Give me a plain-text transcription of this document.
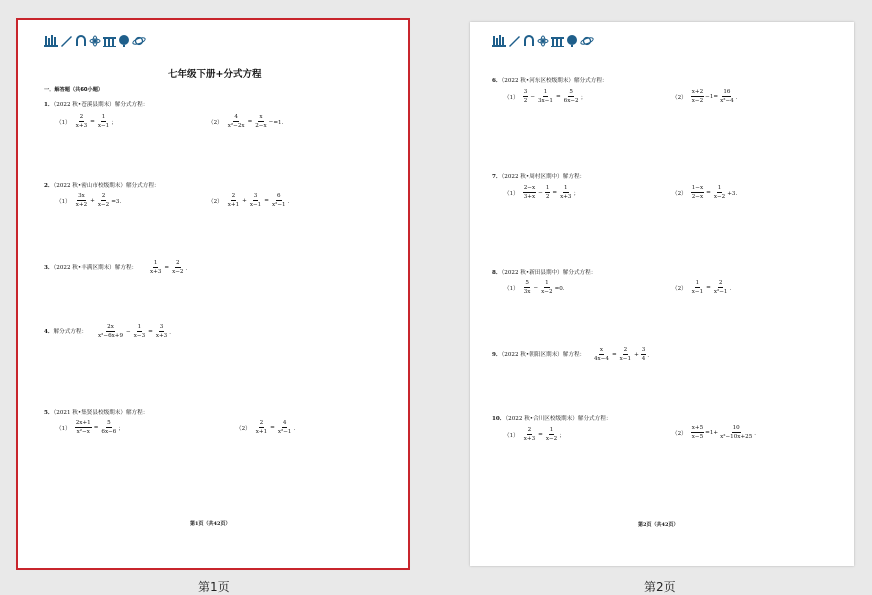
七年级下册+分式方程
一．解答题（共60小题）
1．（2022 秋•苍溪县期末）解分式方程：
$(1) \frac{2}{x+3} = \frac{1}{x-1}$ ；	$(2) \frac{4}{\text{x²−2x}} = \frac{x}{2-x} - =1$．
2．（2022 秋•密山市校级期末）解分式方程：
$(1) \frac{3x}{x+2} + \frac{2}{x-2} =3$．	$(2) \frac{2}{x+1} + \frac{3}{x-1} = \frac{6}{\text{x²−1}}$ ．
3．（2022 秋•丰满区期末）解方程： $\frac{1}{x+3} = \frac{2}{x-2}$ ．
4．解分式方程： $\frac{2x}{\text{x²−6x+9}} - \frac{1}{x-3} = \frac{3}{x+3}$ ．
5．（2021 秋•集贤县校级期末）解方程：
$(1) \frac{2x+1}{\text{x²−x}} = \frac{5}{6x-6}$ ；	$(2) \frac{2}{x+1} = \frac{4}{\text{x²−1}}$ ．
第1页（共42页）
6．（2022 秋•河东区校级期末）解分式方程：
$(1) \frac{3}{2} - \frac{1}{3x-1} = \frac{5}{6x-2}$ ；	$(2) \frac{x+2}{x-2} -1= \frac{16}{\text{x²−4}}$ ．
7．（2022 秋•周村区期中）解方程：
$(1) \frac{2-x}{3+x} - \frac{1}{2} = \frac{1}{x+3}$ ；	$(2) \frac{1-x}{2-x} = \frac{1}{x-2} +3$．
8．（2022 秋•新田县期中）解分式方程：
$(1) \frac{5}{3x} - \frac{1}{x-2} =0$．	$(2) \frac{1}{x-1} = \frac{2}{\text{x²−1}}$ ．
9．（2022 秋•朝阳区期末）解方程： $\frac{x}{4x-4} = \frac{2}{x-1} + \frac{3}{4}$ ．
10．（2022 秋•合川区校级期末）解分式方程：
$(1) \frac{2}{x+3} = \frac{1}{x-2}$ ；	$(2) \frac{x+5}{x-5} =1+ \frac{10}{\text{x²−10x+25}}$ ．
第2页（共42页）
第1页	第2页
